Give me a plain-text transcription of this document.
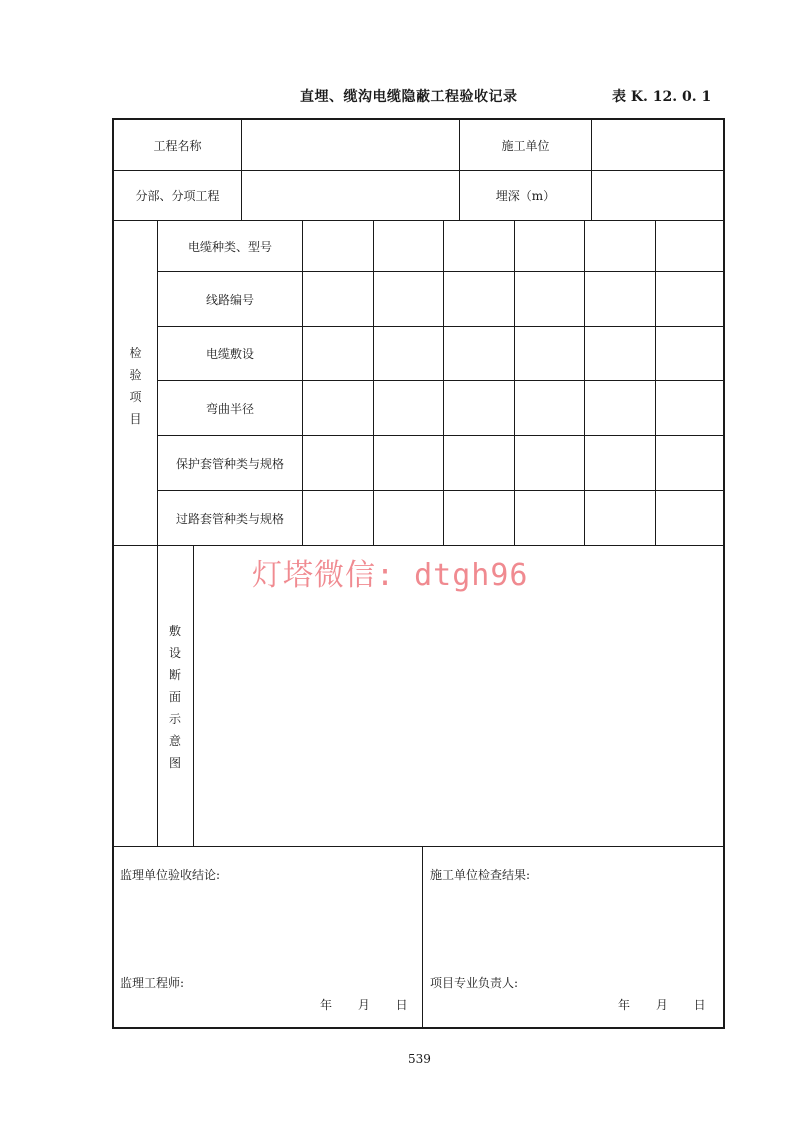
直埋、缆沟电缆隐蔽工程验收记录	表 K. 12. 0. 1
工程名称	施工单位
分部、分项工程	埋深（m）
检
验
项
目
电缆种类、型号
线路编号
电缆敷设
弯曲半径
保护套管种类与规格
过路套管种类与规格
敷
设
断
面
示
意
图
监理单位验收结论:
监理工程师:
年 月 日
施工单位检查结果:
项目专业负责人:
年 月 日
灯塔微信: dtgh96
539
